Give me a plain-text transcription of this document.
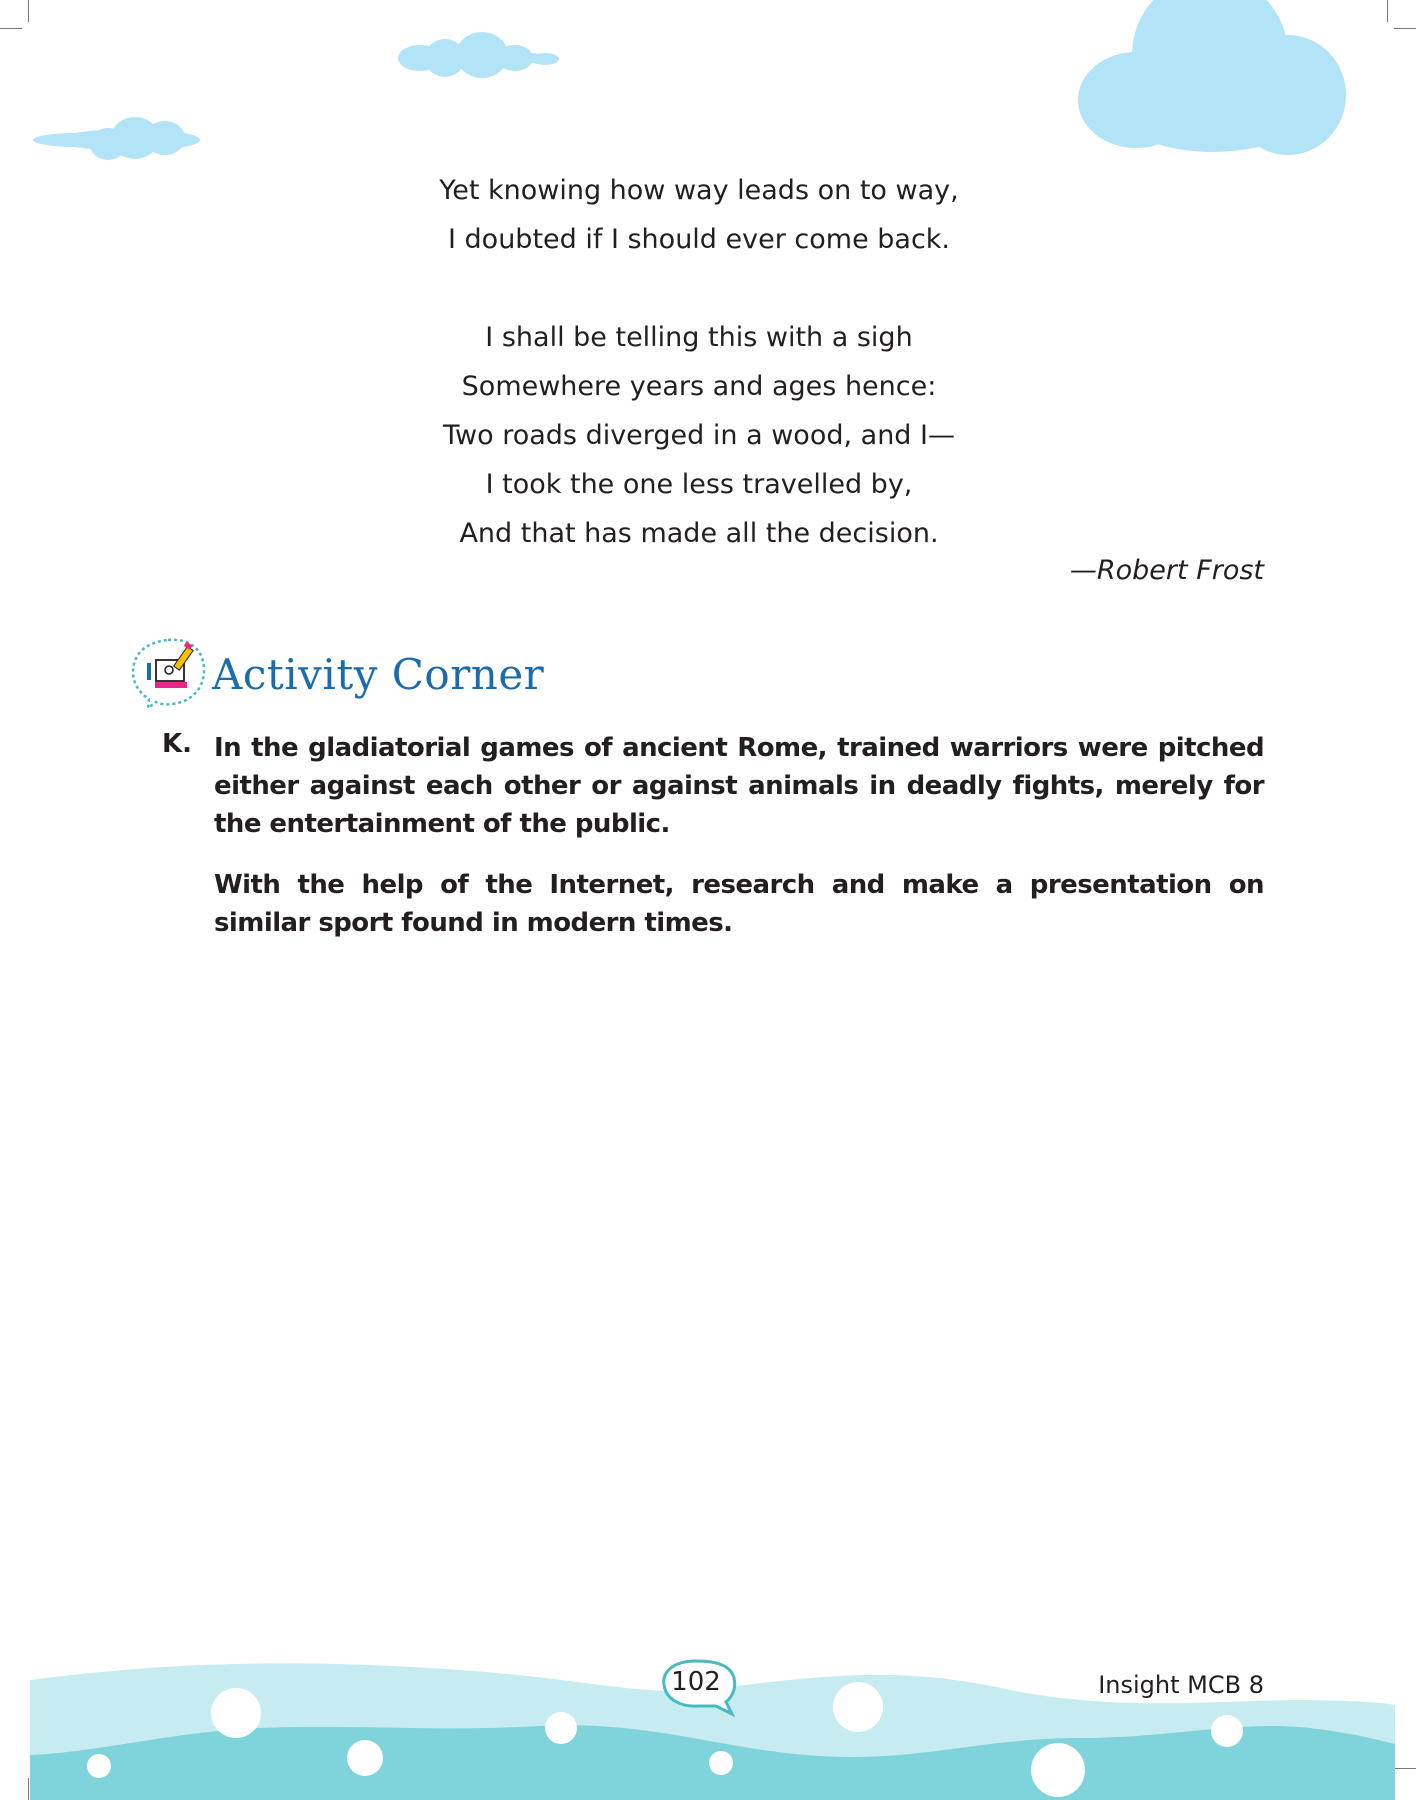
Yet knowing how way leads on to way,
I doubted if I should ever come back.
I shall be telling this with a sigh
Somewhere years and ages hence:
Two roads diverged in a wood, and I—
I took the one less travelled by,
And that has made all the decision.
—Robert Frost
Activity Corner
K. In the gladiatorial games of ancient Rome, trained warriors were pitched either against each other or against animals in deadly fights, merely for the entertainment of the public.

With the help of the Internet, research and make a presentation on similar sport found in modern times.

102	Insight MCB 8
